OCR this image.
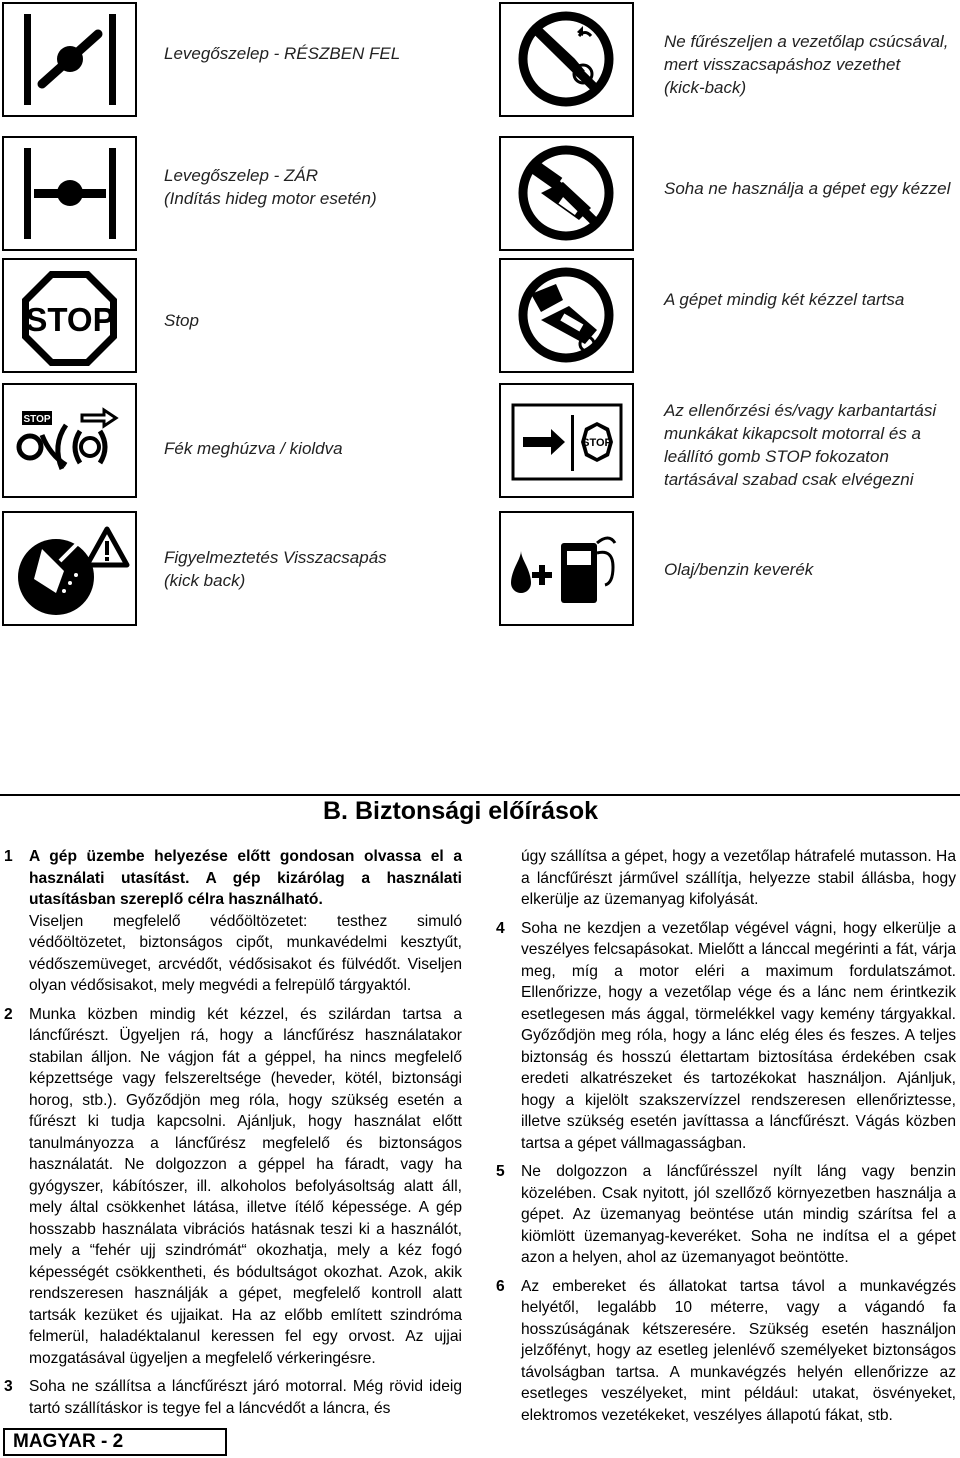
Levegőszelep - RÉSZBEN FEL
Ne fűrészeljen a vezetőlap csúcsával,
mert visszacsapáshoz vezethet
(kick-back)
Levegőszelep - ZÁR
(Indítás hideg motor esetén)
Soha ne használja a gépet egy kézzel
STOP	Stop
A gépet mindig két kézzel tartsa
STOP
Fék meghúzva / kioldva	STOP
Az ellenőrzési és/vagy karbantartási
munkákat kikapcsolt motorral és a
leállító gomb STOP fokozaton
tartásával szabad csak elvégezni
Figyelmeztetés Visszacsapás
(kick back)
Olaj/benzin keverék
B. Biztonsági előírások
1 A gép üzembe helyezése előtt gondosan olvassa el a használati utasítást. A gép kizárólag a használati utasításban szereplő célra használható.

Viseljen megfelelő védőöltözetet: testhez simuló védőöltözetet, biztonságos cipőt, munkavédelmi kesztyűt, védőszemüveget, arcvédőt, védősisakot és fülvédőt. Viseljen olyan védősisakot, mely megvédi a felrepülő tárgyaktól.

2 Munka közben mindig két kézzel, és szilárdan tartsa a láncfűrészt. Ügyeljen rá, hogy a láncfűrész használatakor stabilan álljon. Ne vágjon fát a géppel, ha nincs megfelelő képzettsége vagy felszereltsége (heveder, kötél, biztonsági horog, stb.). Győződjön meg róla, hogy szükség esetén a fűrészt ki tudja kapcsolni. Ajánljuk, hogy használat előtt tanulmányozza a láncfűrész megfelelő és biztonságos használatát. Ne dolgozzon a géppel ha fáradt, vagy ha gyógyszer, kábítószer, ill. alkoholos befolyásoltság alatt áll, mely által csökkenhet látása, illetve ítélő képessége. A gép hosszabb használata vibrációs hatásnak teszi ki a használót, mely a “fehér ujj szindrómát“ okozhatja, mely a kéz fogó képességét csökkentheti, és bódultságot okozhat. Azok, akik rendszeresen használják a gépet, megfelelő kontroll alatt tartsák kezüket és ujjaikat. Ha az előbb említett szindróma felmerül, haladéktalanul keressen fel egy orvost. Az ujjai mozgatásával ügyeljen a megfelelő vérkeringésre.

3 Soha ne szállítsa a láncfűrészt járó motorral. Még rövid ideig tartó szállításkor is tegye fel a láncvédőt a láncra, és

úgy szállítsa a gépet, hogy a vezetőlap hátrafelé mutasson. Ha a láncfűrészt járművel szállítja, helyezze stabil állásba, hogy elkerülje az üzemanyag kifolyását.

4 Soha ne kezdjen a vezetőlap végével vágni, hogy elkerülje a veszélyes felcsapásokat. Mielőtt a lánccal megérinti a fát, várja meg, míg a motor eléri a maximum fordulatszámot. Ellenőrizze, hogy a vezetőlap vége és a lánc nem érintkezik esetlegesen más ággal, törmelékkel vagy kemény tárgyakkal. Győződjön meg róla, hogy a lánc elég éles és feszes. A teljes biztonság és hosszú élettartam biztosítása érdekében csak eredeti alkatrészeket és tartozékokat használjon. Ajánljuk, hogy a kijelölt szakszervízzel rendszeresen ellenőriztesse, illetve szükség esetén javíttassa a láncfűrészt. Vágás közben tartsa a gépet vállmagasságban.

5 Ne dolgozzon a láncfűrésszel nyílt láng vagy benzin közelében. Csak nyitott, jól szellőző környezetben használja a gépet. Az üzemanyag beöntése után mindig szárítsa fel a kiömlött üzemanyag-keveréket. Soha ne indítsa el a gépet azon a helyen, ahol az üzemanyagot beöntötte.

6 Az embereket és állatokat tartsa távol a munkavégzés helyétől, legalább 10 méterre, vagy a vágandó fa hosszúságának kétszeresére. Szükség esetén használjon jelzőfényt, hogy az esetleg jelenlévő személyeket biztonságos távolságban tartsa. A munkavégzés helyén ellenőrizze az esetleges veszélyeket, mint például: utakat, ösvényeket, elektromos vezetékeket, veszélyes állapotú fákat, stb.

MAGYAR - 2
